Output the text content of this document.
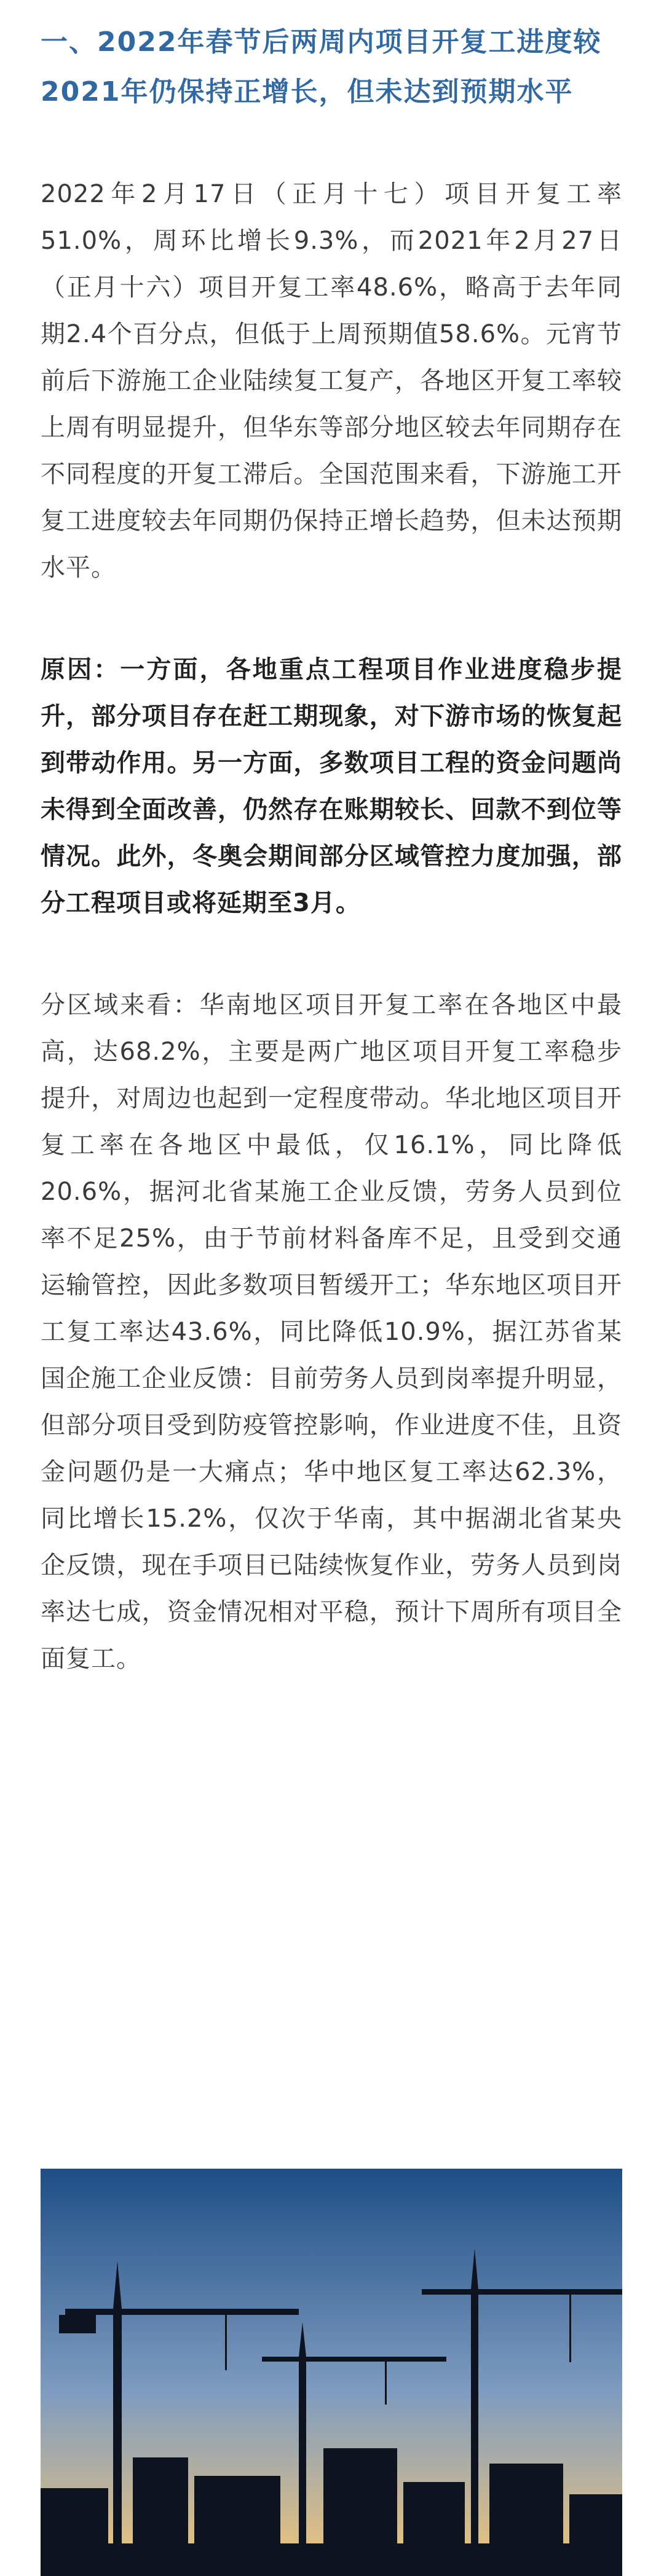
一、2022年春节后两周内项目开复工进度较2021年仍保持正增长，但未达到预期水平

2022年2月17日（正月十七）项目开复工率51.0%，周环比增长9.3%，而2021年2月27日（正月十六）项目开复工率48.6%，略高于去年同期2.4个百分点，但低于上周预期值58.6%。元宵节前后下游施工企业陆续复工复产，各地区开复工率较上周有明显提升，但华东等部分地区较去年同期存在不同程度的开复工滞后。全国范围来看，下游施工开复工进度较去年同期仍保持正增长趋势，但未达预期水平。

原因：一方面，各地重点工程项目作业进度稳步提升，部分项目存在赶工期现象，对下游市场的恢复起到带动作用。另一方面，多数项目工程的资金问题尚未得到全面改善，仍然存在账期较长、回款不到位等情况。此外，冬奥会期间部分区域管控力度加强，部分工程项目或将延期至3月。

分区域来看：华南地区项目开复工率在各地区中最高，达68.2%，主要是两广地区项目开复工率稳步提升，对周边也起到一定程度带动。华北地区项目开复工率在各地区中最低，仅16.1%，同比降低20.6%，据河北省某施工企业反馈，劳务人员到位率不足25%，由于节前材料备库不足，且受到交通运输管控，因此多数项目暂缓开工；华东地区项目开工复工率达43.6%，同比降低10.9%，据江苏省某国企施工企业反馈：目前劳务人员到岗率提升明显，但部分项目受到防疫管控影响，作业进度不佳，且资金问题仍是一大痛点；华中地区复工率达62.3%，同比增长15.2%，仅次于华南，其中据湖北省某央企反馈，现在手项目已陆续恢复作业，劳务人员到岗率达七成，资金情况相对平稳，预计下周所有项目全面复工。
